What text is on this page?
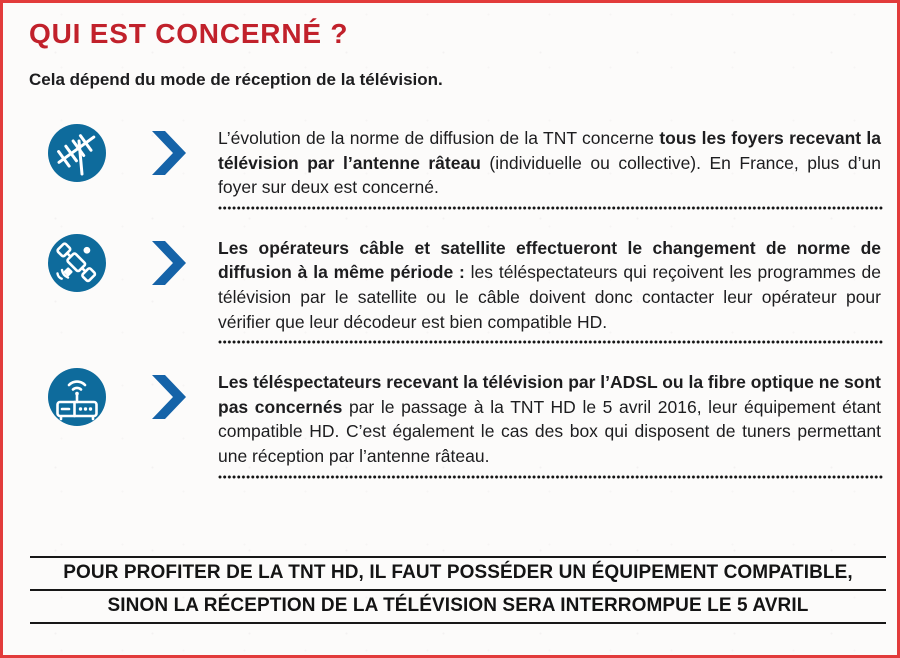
QUI EST CONCERNÉ ?

Cela dépend du mode de réception de la télévision.

L’évolution de la norme de diffusion de la TNT concerne tous les foyers recevant la télévision par l’antenne râteau (individuelle ou collective). En France, plus d’un foyer sur deux est concerné.

Les opérateurs câble et satellite effectueront le changement de norme de diffusion à la même période : les téléspectateurs qui reçoivent les programmes de télévision par le satellite ou le câble doivent donc contacter leur opérateur pour vérifier que leur décodeur est bien compatible HD.

Les téléspectateurs recevant la télévision par l’ADSL ou la fibre optique ne sont pas concernés par le passage à la TNT HD le 5 avril 2016, leur équipement étant compatible HD. C’est également le cas des box qui disposent de tuners permettant une réception par l’antenne râteau.

POUR PROFITER DE LA TNT HD, IL FAUT POSSÉDER UN ÉQUIPEMENT COMPATIBLE,

SINON LA RÉCEPTION DE LA TÉLÉVISION SERA INTERROMPUE LE 5 AVRIL
